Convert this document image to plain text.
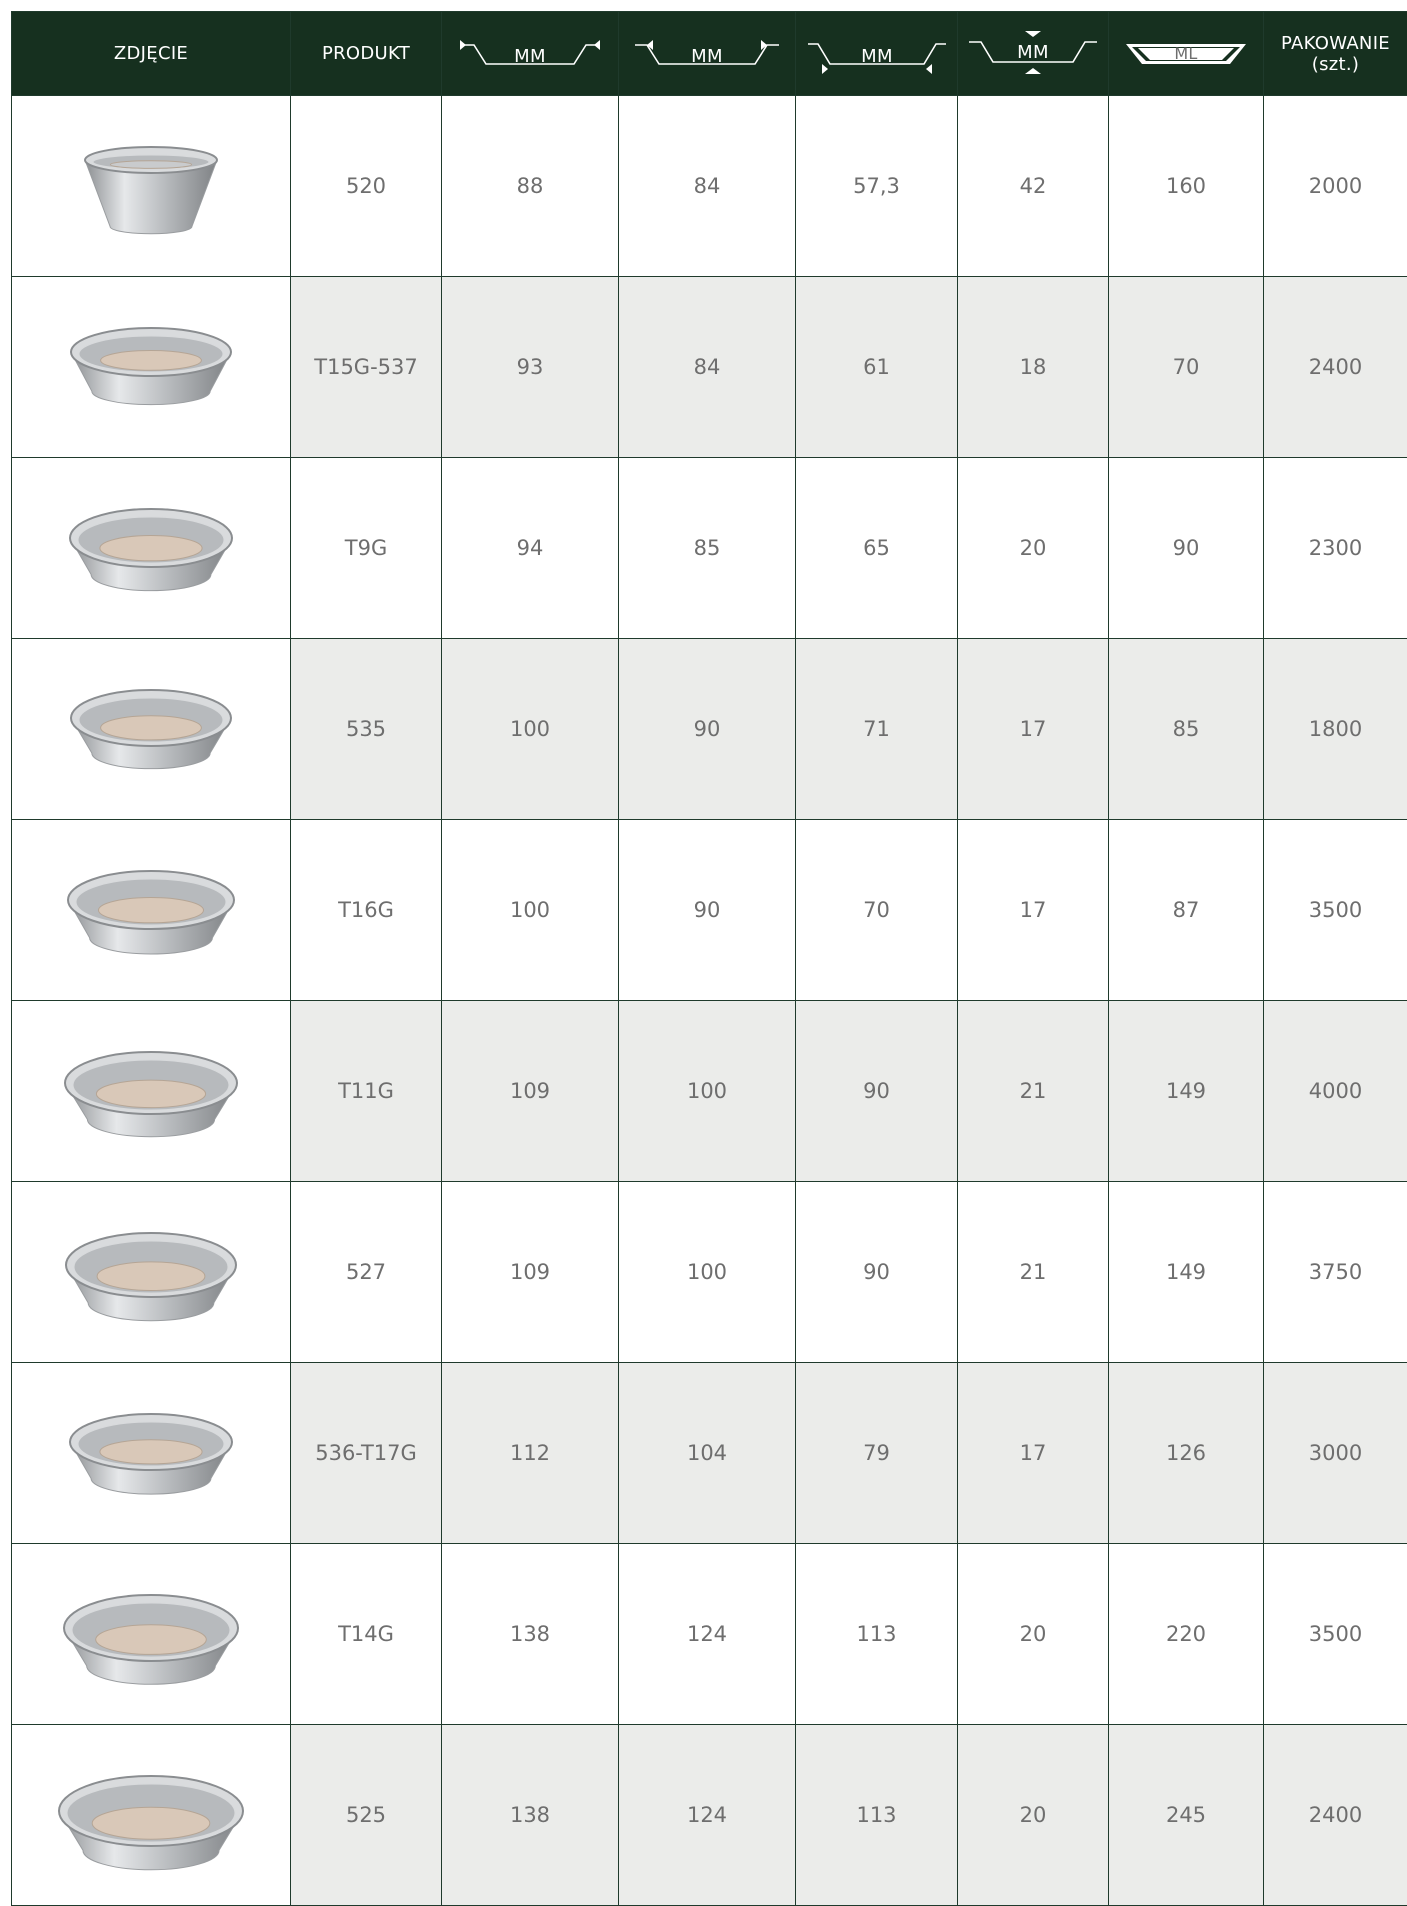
ZDJĘCIE	PRODUKT	MM	MM	MM	MM	ML	PAKOWANIE
(szt.)

	520	88	84	57,3	42	160	2000

	T15G-537	93	84	61	18	70	2400

	T9G	94	85	65	20	90	2300

	535	100	90	71	17	85	1800

	T16G	100	90	70	17	87	3500

	T11G	109	100	90	21	149	4000

	527	109	100	90	21	149	3750

	536-T17G	112	104	79	17	126	3000

	T14G	138	124	113	20	220	3500

	525	138	124	113	20	245	2400
